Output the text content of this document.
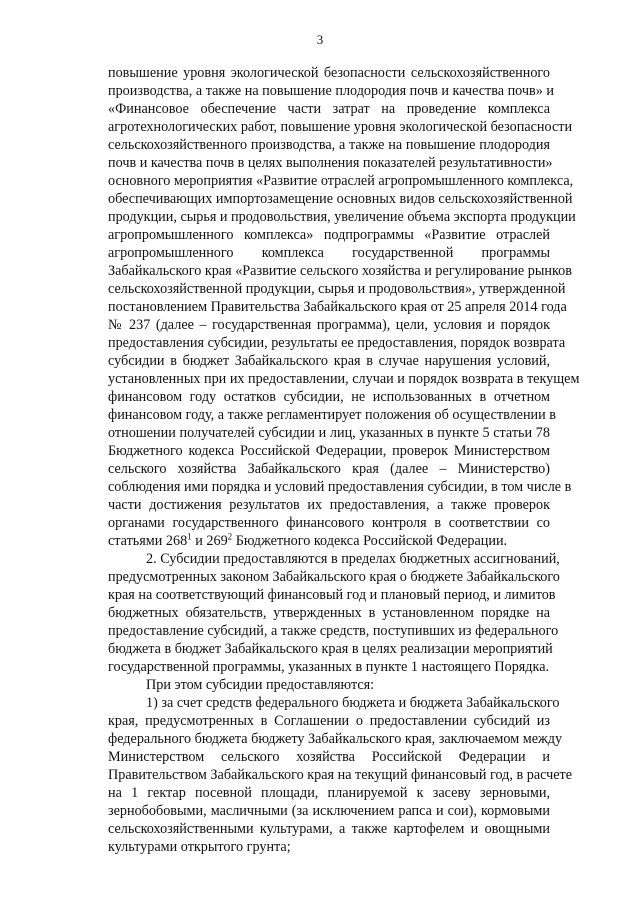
3
повышение уровня экологической безопасности сельскохозяйственного
производства, а также на повышение плодородия почв и качества почв» и
«Финансовое обеспечение части затрат на проведение комплекса
агротехнологических работ, повышение уровня экологической безопасности
сельскохозяйственного производства, а также на повышение плодородия
почв и качества почв в целях выполнения показателей результативности»
основного мероприятия «Развитие отраслей агропромышленного комплекса,
обеспечивающих импортозамещение основных видов сельскохозяйственной
продукции, сырья и продовольствия, увеличение объема экспорта продукции
агропромышленного комплекса» подпрограммы «Развитие отраслей
агропромышленного комплекса государственной программы
Забайкальского края «Развитие сельского хозяйства и регулирование рынков
сельскохозяйственной продукции, сырья и продовольствия», утвержденной
постановлением Правительства Забайкальского края от 25 апреля 2014 года
№ 237 (далее – государственная программа), цели, условия и порядок
предоставления субсидии, результаты ее предоставления, порядок возврата
субсидии в бюджет Забайкальского края в случае нарушения условий,
установленных при их предоставлении, случаи и порядок возврата в текущем
финансовом году остатков субсидии, не использованных в отчетном
финансовом году, а также регламентирует положения об осуществлении в
отношении получателей субсидии и лиц, указанных в пункте 5 статьи 78
Бюджетного кодекса Российской Федерации, проверок Министерством
сельского хозяйства Забайкальского края (далее – Министерство)
соблюдения ими порядка и условий предоставления субсидии, в том числе в
части достижения результатов их предоставления, а также проверок
органами государственного финансового контроля в соответствии со
статьями $268^1$ и $269^2$ Бюджетного кодекса Российской Федерации.
2. Субсидии предоставляются в пределах бюджетных ассигнований,
предусмотренных законом Забайкальского края о бюджете Забайкальского
края на соответствующий финансовый год и плановый период, и лимитов
бюджетных обязательств, утвержденных в установленном порядке на
предоставление субсидий, а также средств, поступивших из федерального
бюджета в бюджет Забайкальского края в целях реализации мероприятий
государственной программы, указанных в пункте 1 настоящего Порядка.
При этом субсидии предоставляются:
1) за счет средств федерального бюджета и бюджета Забайкальского
края, предусмотренных в Соглашении о предоставлении субсидий из
федерального бюджета бюджету Забайкальского края, заключаемом между
Министерством сельского хозяйства Российской Федерации и
Правительством Забайкальского края на текущий финансовый год, в расчете
на 1 гектар посевной площади, планируемой к засеву зерновыми,
зернобобовыми, масличными (за исключением рапса и сои), кормовыми
сельскохозяйственными культурами, а также картофелем и овощными
культурами открытого грунта;
